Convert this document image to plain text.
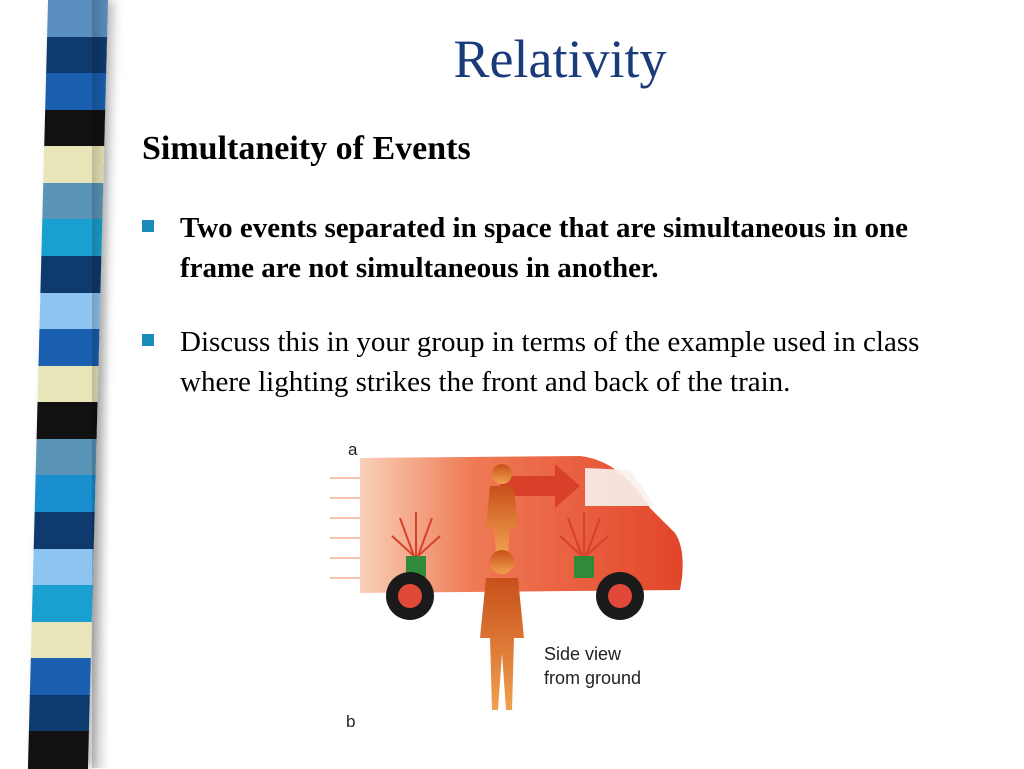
Relativity
Simultaneity of Events
Two events separated in space that are simultaneous in one frame are not simultaneous in another.
Discuss this in your group in terms of the example used in class where lighting strikes the front and back of the train.
a
b
Side view
from ground
